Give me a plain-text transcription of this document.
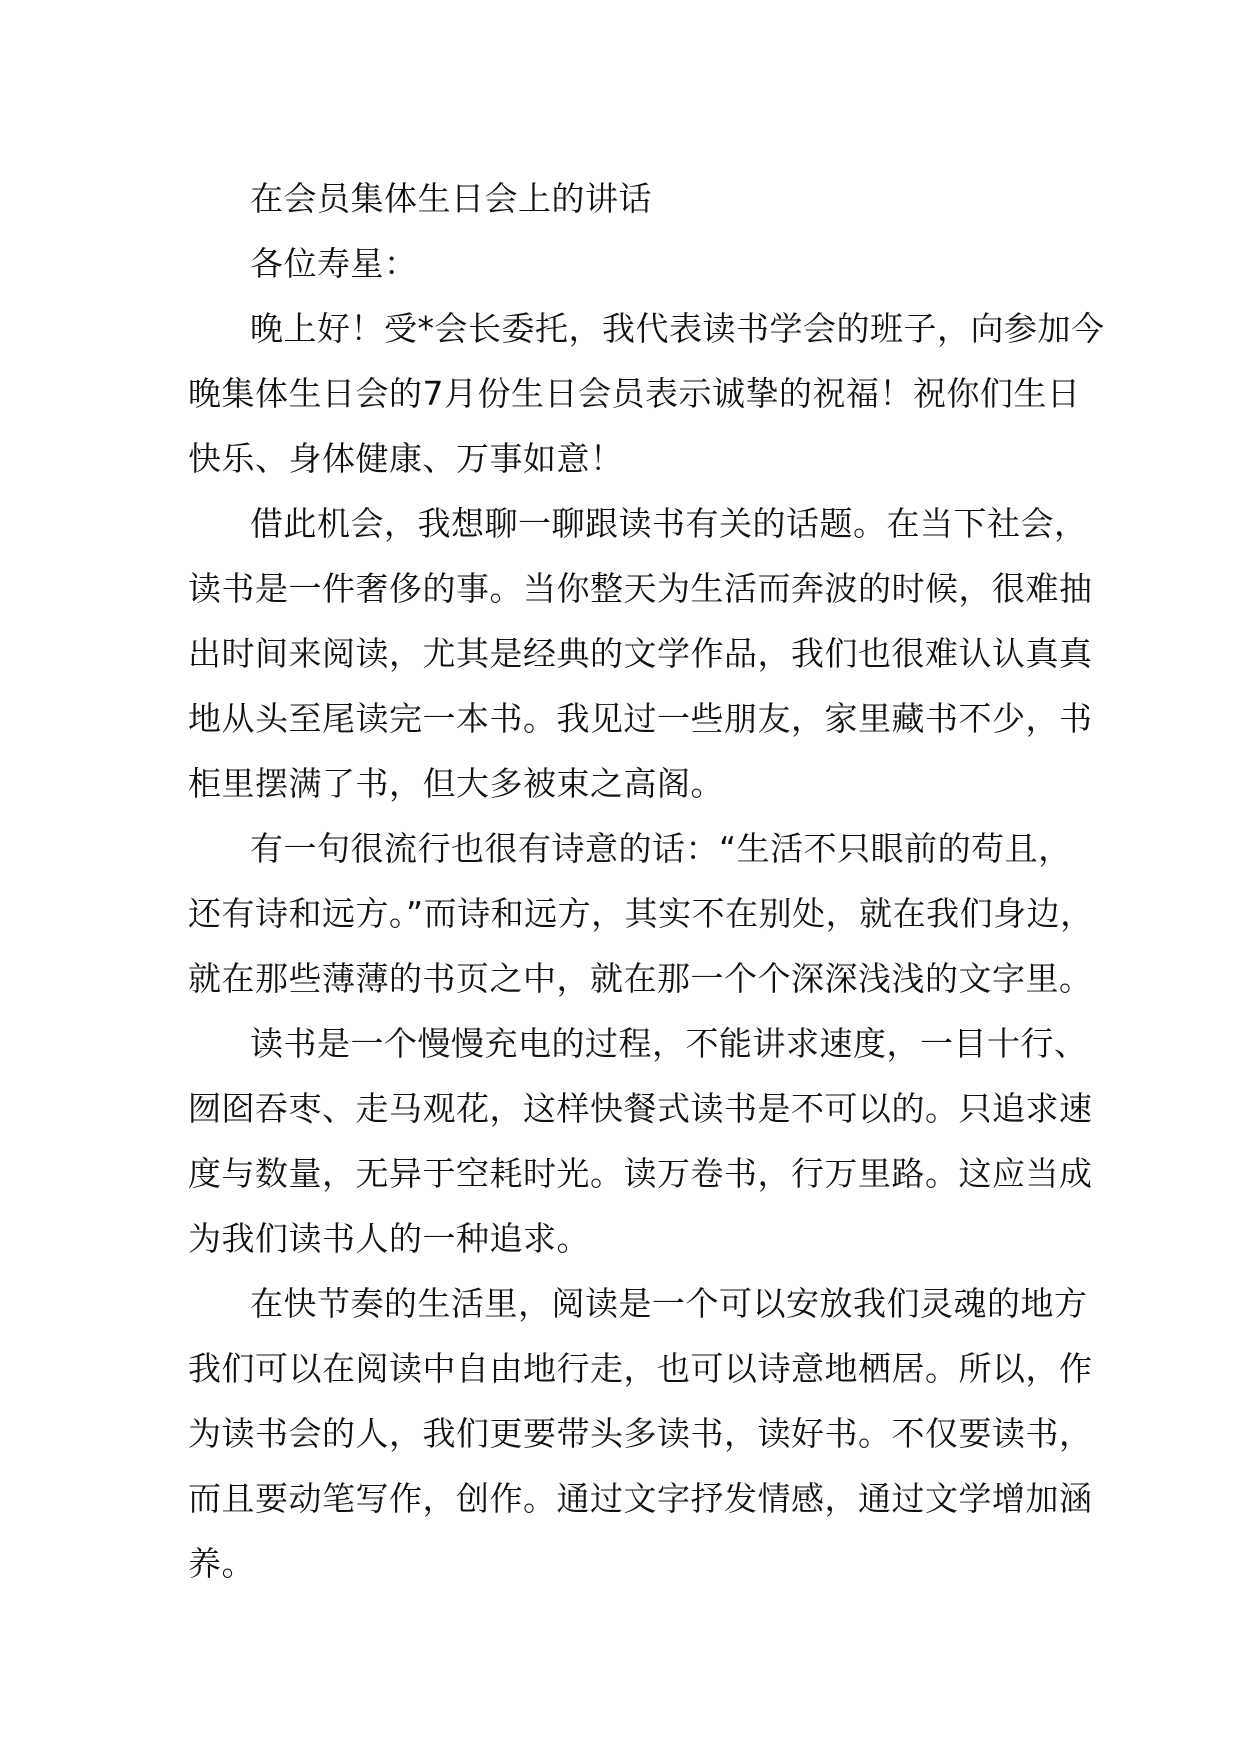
在会员集体生日会上的讲话
各位寿星：
晚上好！受*会长委托，我代表读书学会的班子，向参加今
晚集体生日会的7月份生日会员表示诚挚的祝福！祝你们生日
快乐、身体健康、万事如意！
借此机会，我想聊一聊跟读书有关的话题。在当下社会，
读书是一件奢侈的事。当你整天为生活而奔波的时候，很难抽
出时间来阅读，尤其是经典的文学作品，我们也很难认认真真
地从头至尾读完一本书。我见过一些朋友，家里藏书不少，书
柜里摆满了书，但大多被束之高阁。
有一句很流行也很有诗意的话：“生活不只眼前的苟且，
还有诗和远方。”而诗和远方，其实不在别处，就在我们身边，
就在那些薄薄的书页之中，就在那一个个深深浅浅的文字里。
读书是一个慢慢充电的过程，不能讲求速度，一目十行、
囫囵吞枣、走马观花，这样快餐式读书是不可以的。只追求速
度与数量，无异于空耗时光。读万卷书，行万里路。这应当成
为我们读书人的一种追求。
在快节奏的生活里，阅读是一个可以安放我们灵魂的地方
我们可以在阅读中自由地行走，也可以诗意地栖居。所以，作
为读书会的人，我们更要带头多读书，读好书。不仅要读书，
而且要动笔写作，创作。通过文字抒发情感，通过文学增加涵
养。
